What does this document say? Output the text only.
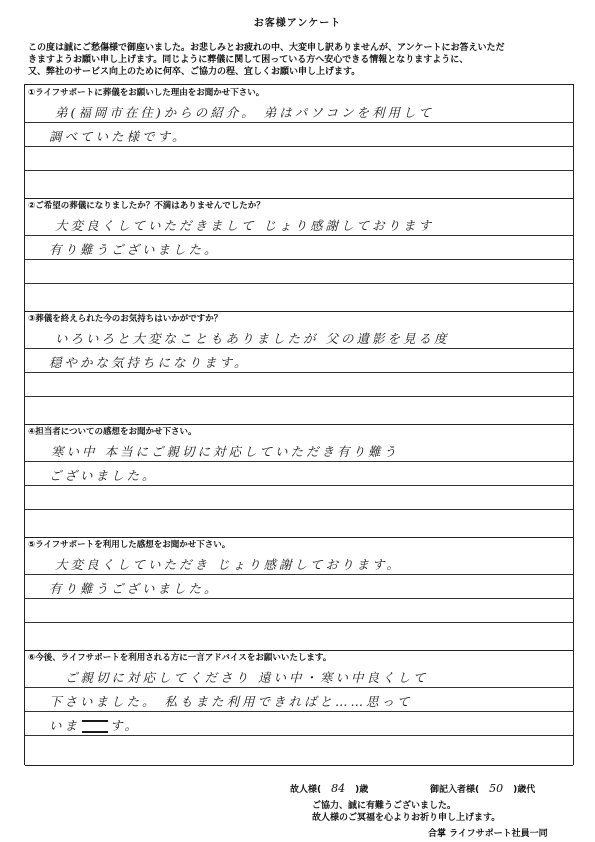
お客様アンケート
この度は誠にご愁傷様で御座いました。お悲しみとお疲れの中、大変申し訳ありませんが、アンケートにお答えいただ
きますようお願い申し上げます。同じように葬儀に関して困っている方へ安心できる情報となりますように、
又、弊社のサービス向上のために何卒、ご協力の程、宜しくお願い申し上げます。
①ライフサポートに葬儀をお願いした理由をお聞かせ下さい。
弟(福岡市在住)からの紹介。 弟はパソコンを利用して
調べていた様です。
②ご希望の葬儀になりましたか？不満はありませんでしたか？
大変良くしていただきまして じょり感謝しております
有り難うございました。
③葬儀を終えられた今のお気持ちはいかがですか？
いろいろと大変なこともありましたが 父の遺影を見る度
穏やかな気持ちになります。
④担当者についての感想をお聞かせ下さい。
寒い中 本当にご親切に対応していただき有り難う
ございました。
⑤ライフサポートを利用した感想をお聞かせ下さい。
大変良くしていただき じょり感謝しております。
有り難うございました。
⑥今後、ライフサポートを利用される方に一言アドバイスをお願いいたします。
ご親切に対応してくださり 遠い中・寒い中良くして
下さいました。 私もまた利用できればと……思って
いま す。
故人様( 84 )歳	御記入者様( 50 )歳代
ご協力、誠に有難うございました。
故人様のご冥福を心よりお祈り申し上げます。
合掌 ライフサポート社員一同
